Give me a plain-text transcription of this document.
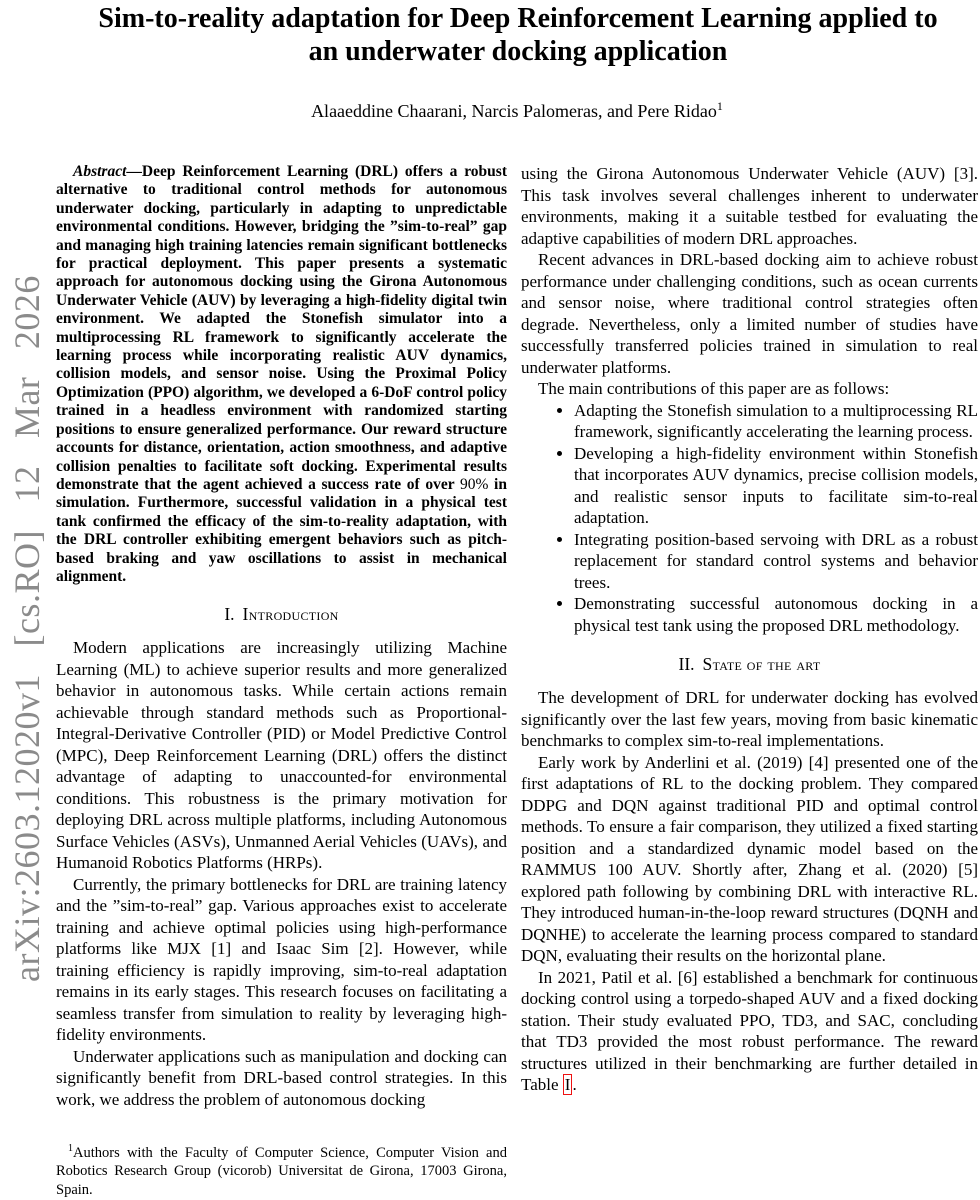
arXiv:2603.12020v1 [cs.RO] 12 Mar 2026
Sim-to-reality adaptation for Deep Reinforcement Learning applied to
an underwater docking application
Alaaeddine Chaarani, Narcis Palomeras, and Pere Ridao$^1$

Abstract—Deep Reinforcement Learning (DRL) offers a robust alternative to traditional control methods for autonomous underwater docking, particularly in adapting to unpredictable environmental conditions. However, bridging the ”sim-to-real” gap and managing high training latencies remain significant bottlenecks for practical deployment. This paper presents a systematic approach for autonomous docking using the Girona Autonomous Underwater Vehicle (AUV) by leveraging a high-fidelity digital twin environment. We adapted the Stonefish simulator into a multiprocessing RL framework to significantly accelerate the learning process while incorporating realistic AUV dynamics, collision models, and sensor noise. Using the Proximal Policy Optimization (PPO) algorithm, we developed a 6-DoF control policy trained in a headless environment with randomized starting positions to ensure generalized performance. Our reward structure accounts for distance, orientation, action smoothness, and adaptive collision penalties to facilitate soft docking. Experimental results demonstrate that the agent achieved a success rate of over 90% in simulation. Furthermore, successful validation in a physical test tank confirmed the efficacy of the sim-to-reality adaptation, with the DRL controller exhibiting emergent behaviors such as pitch-based braking and yaw oscillations to assist in mechanical alignment.

I. Introduction

Modern applications are increasingly utilizing Machine Learning (ML) to achieve superior results and more generalized behavior in autonomous tasks. While certain actions remain achievable through standard methods such as Proportional-Integral-Derivative Controller (PID) or Model Predictive Control (MPC), Deep Reinforcement Learning (DRL) offers the distinct advantage of adapting to unaccounted-for environmental conditions. This robustness is the primary motivation for deploying DRL across multiple platforms, including Autonomous Surface Vehicles (ASVs), Unmanned Aerial Vehicles (UAVs), and Humanoid Robotics Platforms (HRPs).

Currently, the primary bottlenecks for DRL are training latency and the ”sim-to-real” gap. Various approaches exist to accelerate training and achieve optimal policies using high-performance platforms like MJX [1] and Isaac Sim [2]. However, while training efficiency is rapidly improving, sim-to-real adaptation remains in its early stages. This research focuses on facilitating a seamless transfer from simulation to reality by leveraging high-fidelity environments.

Underwater applications such as manipulation and docking can significantly benefit from DRL-based control strategies. In this work, we address the problem of autonomous docking

$^1$Authors with the Faculty of Computer Science, Computer Vision and Robotics Research Group (vicorob) Universitat de Girona, 17003 Girona, Spain.

using the Girona Autonomous Underwater Vehicle (AUV) [3]. This task involves several challenges inherent to underwater environments, making it a suitable testbed for evaluating the adaptive capabilities of modern DRL approaches.

Recent advances in DRL-based docking aim to achieve robust performance under challenging conditions, such as ocean currents and sensor noise, where traditional control strategies often degrade. Nevertheless, only a limited number of studies have successfully transferred policies trained in simulation to real underwater platforms.

The main contributions of this paper are as follows:

• Adapting the Stonefish simulation to a multiprocessing RL framework, significantly accelerating the learning process.
• Developing a high-fidelity environment within Stonefish that incorporates AUV dynamics, precise collision models, and realistic sensor inputs to facilitate sim-to-real adaptation.
• Integrating position-based servoing with DRL as a robust replacement for standard control systems and behavior trees.
• Demonstrating successful autonomous docking in a physical test tank using the proposed DRL methodology.
II. State of the art

The development of DRL for underwater docking has evolved significantly over the last few years, moving from basic kinematic benchmarks to complex sim-to-real implementations.

Early work by Anderlini et al. (2019) [4] presented one of the first adaptations of RL to the docking problem. They compared DDPG and DQN against traditional PID and optimal control methods. To ensure a fair comparison, they utilized a fixed starting position and a standardized dynamic model based on the RAMMUS 100 AUV. Shortly after, Zhang et al. (2020) [5] explored path following by combining DRL with interactive RL. They introduced human-in-the-loop reward structures (DQNH and DQNHE) to accelerate the learning process compared to standard DQN, evaluating their results on the horizontal plane.

In 2021, Patil et al. [6] established a benchmark for continuous docking control using a torpedo-shaped AUV and a fixed docking station. Their study evaluated PPO, TD3, and SAC, concluding that TD3 provided the most robust performance. The reward structures utilized in their benchmarking are further detailed in Table I .
